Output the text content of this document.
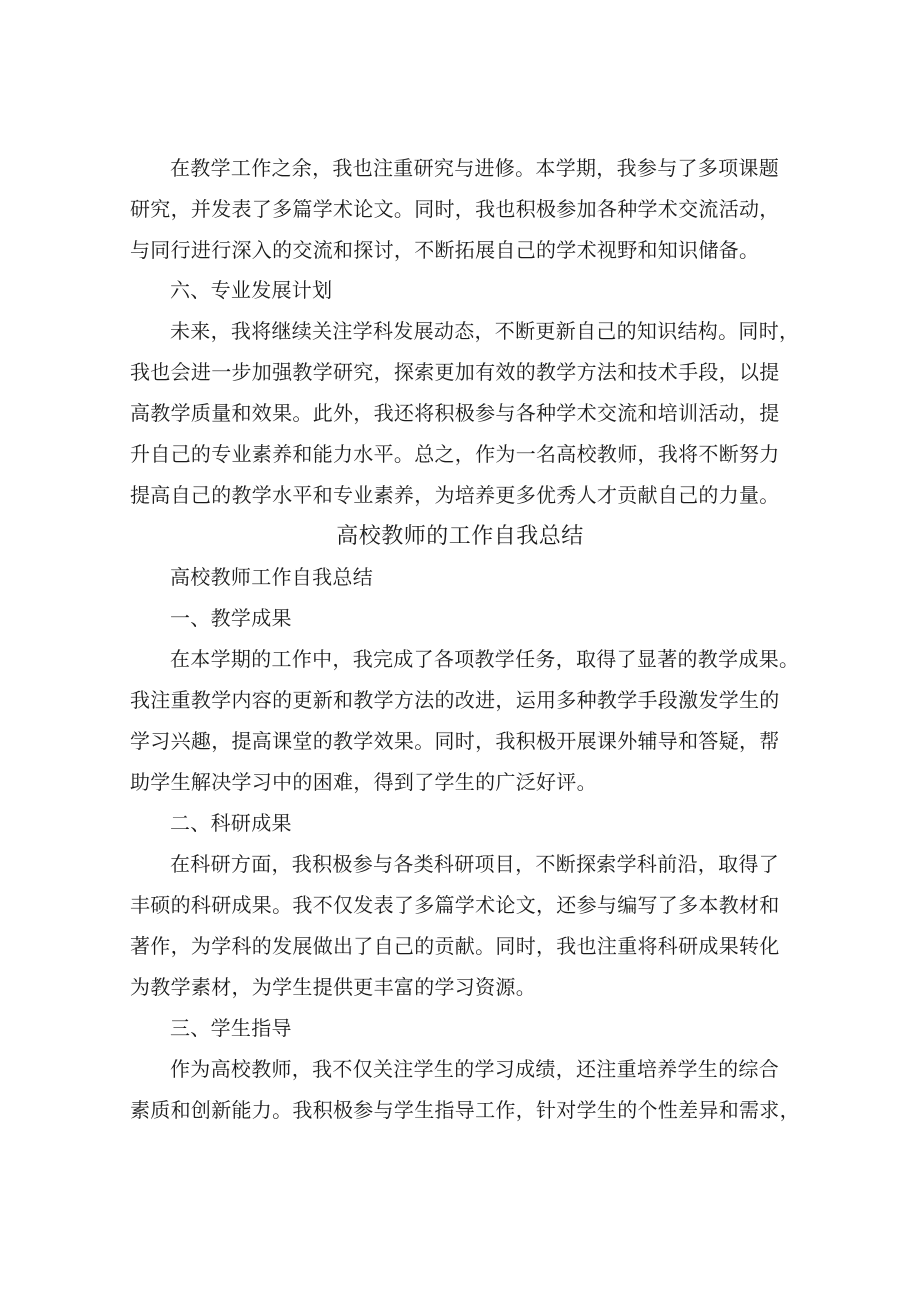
在教学工作之余，我也注重研究与进修。本学期，我参与了多项课题
研究，并发表了多篇学术论文。同时，我也积极参加各种学术交流活动，
与同行进行深入的交流和探讨，不断拓展自己的学术视野和知识储备。

六、专业发展计划

未来，我将继续关注学科发展动态，不断更新自己的知识结构。同时，
我也会进一步加强教学研究，探索更加有效的教学方法和技术手段，以提
高教学质量和效果。此外，我还将积极参与各种学术交流和培训活动，提
升自己的专业素养和能力水平。总之，作为一名高校教师，我将不断努力
提高自己的教学水平和专业素养，为培养更多优秀人才贡献自己的力量。

高校教师的工作自我总结

高校教师工作自我总结

一、教学成果

在本学期的工作中，我完成了各项教学任务，取得了显著的教学成果。
我注重教学内容的更新和教学方法的改进，运用多种教学手段激发学生的
学习兴趣，提高课堂的教学效果。同时，我积极开展课外辅导和答疑，帮
助学生解决学习中的困难，得到了学生的广泛好评。

二、科研成果

在科研方面，我积极参与各类科研项目，不断探索学科前沿，取得了
丰硕的科研成果。我不仅发表了多篇学术论文，还参与编写了多本教材和
著作，为学科的发展做出了自己的贡献。同时，我也注重将科研成果转化
为教学素材，为学生提供更丰富的学习资源。

三、学生指导

作为高校教师，我不仅关注学生的学习成绩，还注重培养学生的综合
素质和创新能力。我积极参与学生指导工作，针对学生的个性差异和需求，
